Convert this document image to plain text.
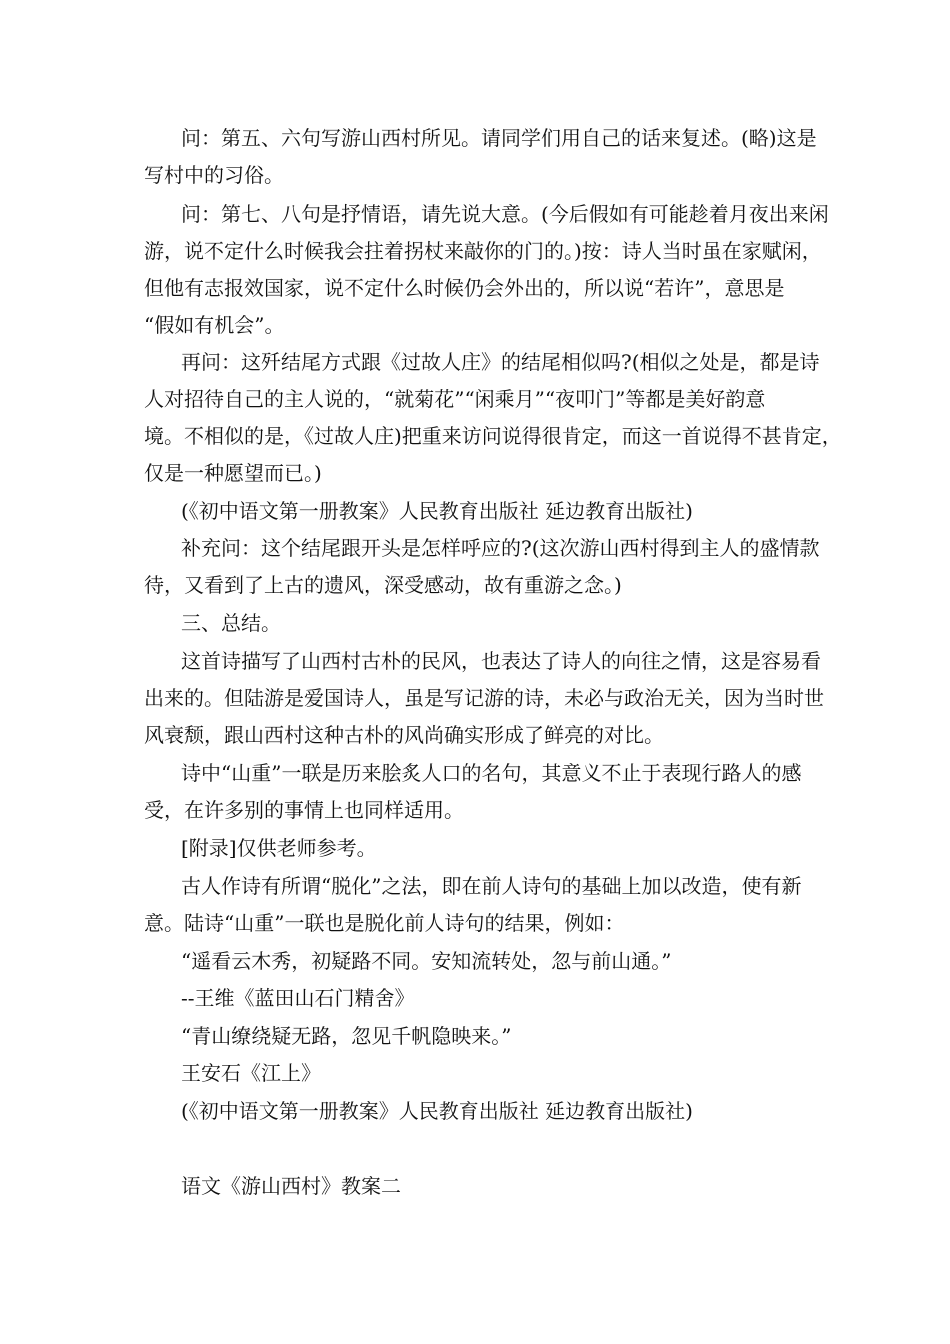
问：第五、六句写游山西村所见。请同学们用自己的话来复述。(略)这是
写村中的习俗。
问：第七、八句是抒情语，请先说大意。(今后假如有可能趁着月夜出来闲
游，说不定什么时候我会拄着拐杖来敲你的门的。)按：诗人当时虽在家赋闲，
但他有志报效国家，说不定什么时候仍会外出的，所以说“若许”，意思是
“假如有机会”。
再问：这歼结尾方式跟《过故人庄》的结尾相似吗?(相似之处是，都是诗
人对招待自己的主人说的，“就菊花”“闲乘月”“夜叩门”等都是美好韵意
境。不相似的是，《过故人庄)把重来访问说得很肯定，而这一首说得不甚肯定，
仅是一种愿望而已。)
(《初中语文第一册教案》人民教育出版社 延边教育出版社)
补充问：这个结尾跟开头是怎样呼应的?(这次游山西村得到主人的盛情款
待，又看到了上古的遗风，深受感动，故有重游之念。)
三、总结。
这首诗描写了山西村古朴的民风，也表达了诗人的向往之情，这是容易看
出来的。但陆游是爱国诗人，虽是写记游的诗，未必与政治无关，因为当时世
风衰颓，跟山西村这种古朴的风尚确实形成了鲜亮的对比。
诗中“山重”一联是历来脍炙人口的名句，其意义不止于表现行路人的感
受，在许多别的事情上也同样适用。
[附录]仅供老师参考。
古人作诗有所谓“脱化”之法，即在前人诗句的基础上加以改造，使有新
意。陆诗“山重”一联也是脱化前人诗句的结果，例如：
“遥看云木秀，初疑路不同。安知流转处，忽与前山通。”
--王维《蓝田山石门精舍》
“青山缭绕疑无路，忽见千帆隐映来。”
王安石《江上》
(《初中语文第一册教案》人民教育出版社 延边教育出版社)
语文《游山西村》教案二
